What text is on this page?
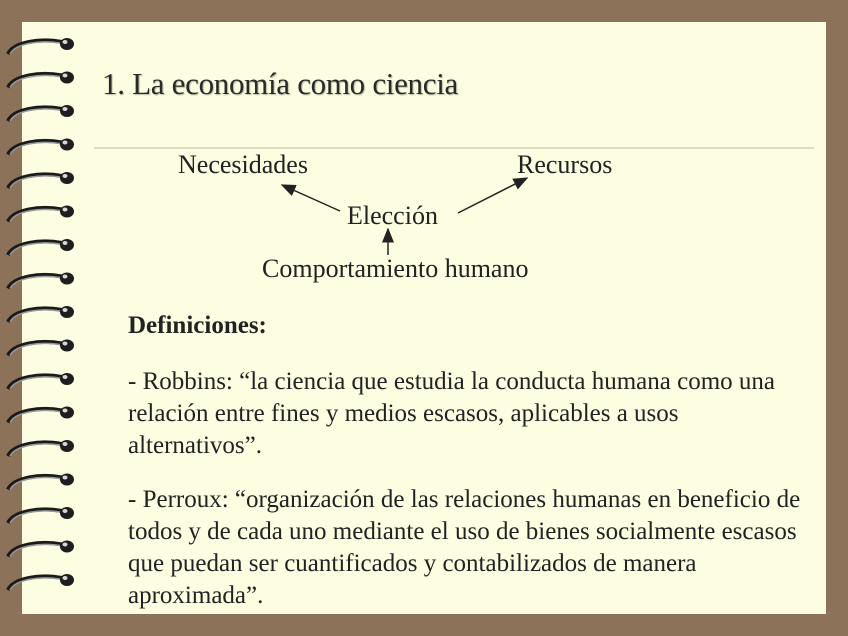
1. La economía como ciencia
Necesidades	Recursos
Elección
Comportamiento humano
Definiciones:
- Robbins: “la ciencia que estudia la conducta humana como una relación entre fines y medios escasos, aplicables a usos alternativos”.
- Perroux: “organización de las relaciones humanas en beneficio de todos y de cada uno mediante el uso de bienes socialmente escasos que puedan ser cuantificados y contabilizados de manera aproximada”.
